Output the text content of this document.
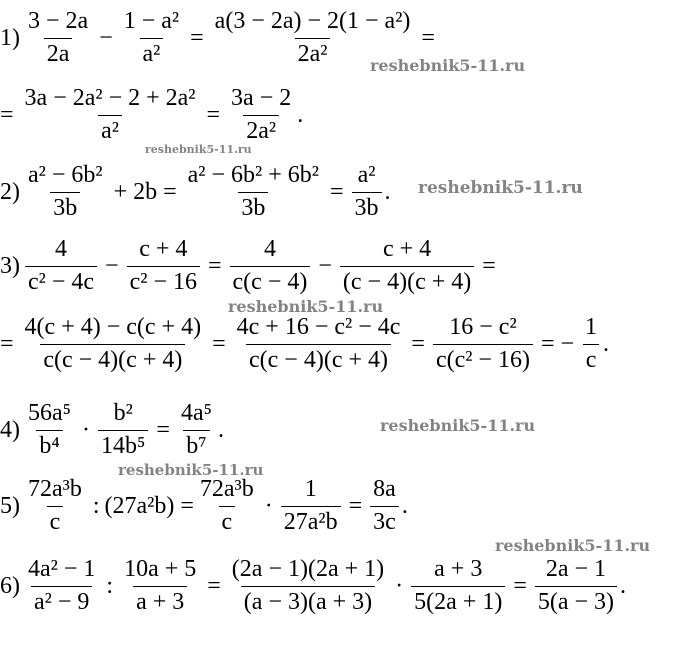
$1) \frac{3 - 2a}{2a} - \frac{\text{1 − a²}}{\text{a²}} = \frac{\text{a(3 − 2a) − 2(1 − a²)}}{\text{2a²}}$ =
= $\frac{\text{3a − 2a² − 2 + 2a²}}{\text{a²}} = \frac{3a - 2}{\text{2a²}}$ .
$2) \frac{\text{a² − 6b²}}{3b} + 2b = \frac{\text{a² − 6b² + 6b²}}{3b} = \frac{\text{a²}}{3b}$ .
$3) \frac{4}{\text{c² − 4c}} - \frac{c + 4}{\text{c² − 16}} = \frac{4}{c(c - 4)} - \frac{c + 4}{(c - 4)(c + 4)}$ =
= $\frac{4(c + 4) - c(c + 4)}{c(c - 4)(c + 4)} = \frac{\text{4c + 16 − c² − 4c}}{c(c - 4)(c + 4)} = \frac{\text{16 − c²}}{\text{c(c² − 16)}}$ = − $\frac{1}{c}$ .
$4) \frac{\text{56a⁵}}{\text{b⁴}} \cdot \frac{\text{b²}}{\text{14b⁵}} = \frac{\text{4a⁵}}{\text{b⁷}}$ .
$5) \frac{\text{72a³b}}{c}$ : $(27a^2b) = \frac{\text{72a³b}}{c} \cdot \frac{1}{\text{27a²b}} = \frac{8a}{3c}$ .
$6) \frac{\text{4a² − 1}}{\text{a² − 9}}$ : $\frac{10a + 5}{a + 3} = \frac{(2a - 1)(2a + 1)}{(a - 3)(a + 3)} \cdot \frac{a + 3}{5(2a + 1)} = \frac{2a - 1}{5(a - 3)}$ .
reshebnik5-11.ru
reshebnik5-11.ru
reshebnik5-11.ru
reshebnik5-11.ru
reshebnik5-11.ru
reshebnik5-11.ru
reshebnik5-11.ru
